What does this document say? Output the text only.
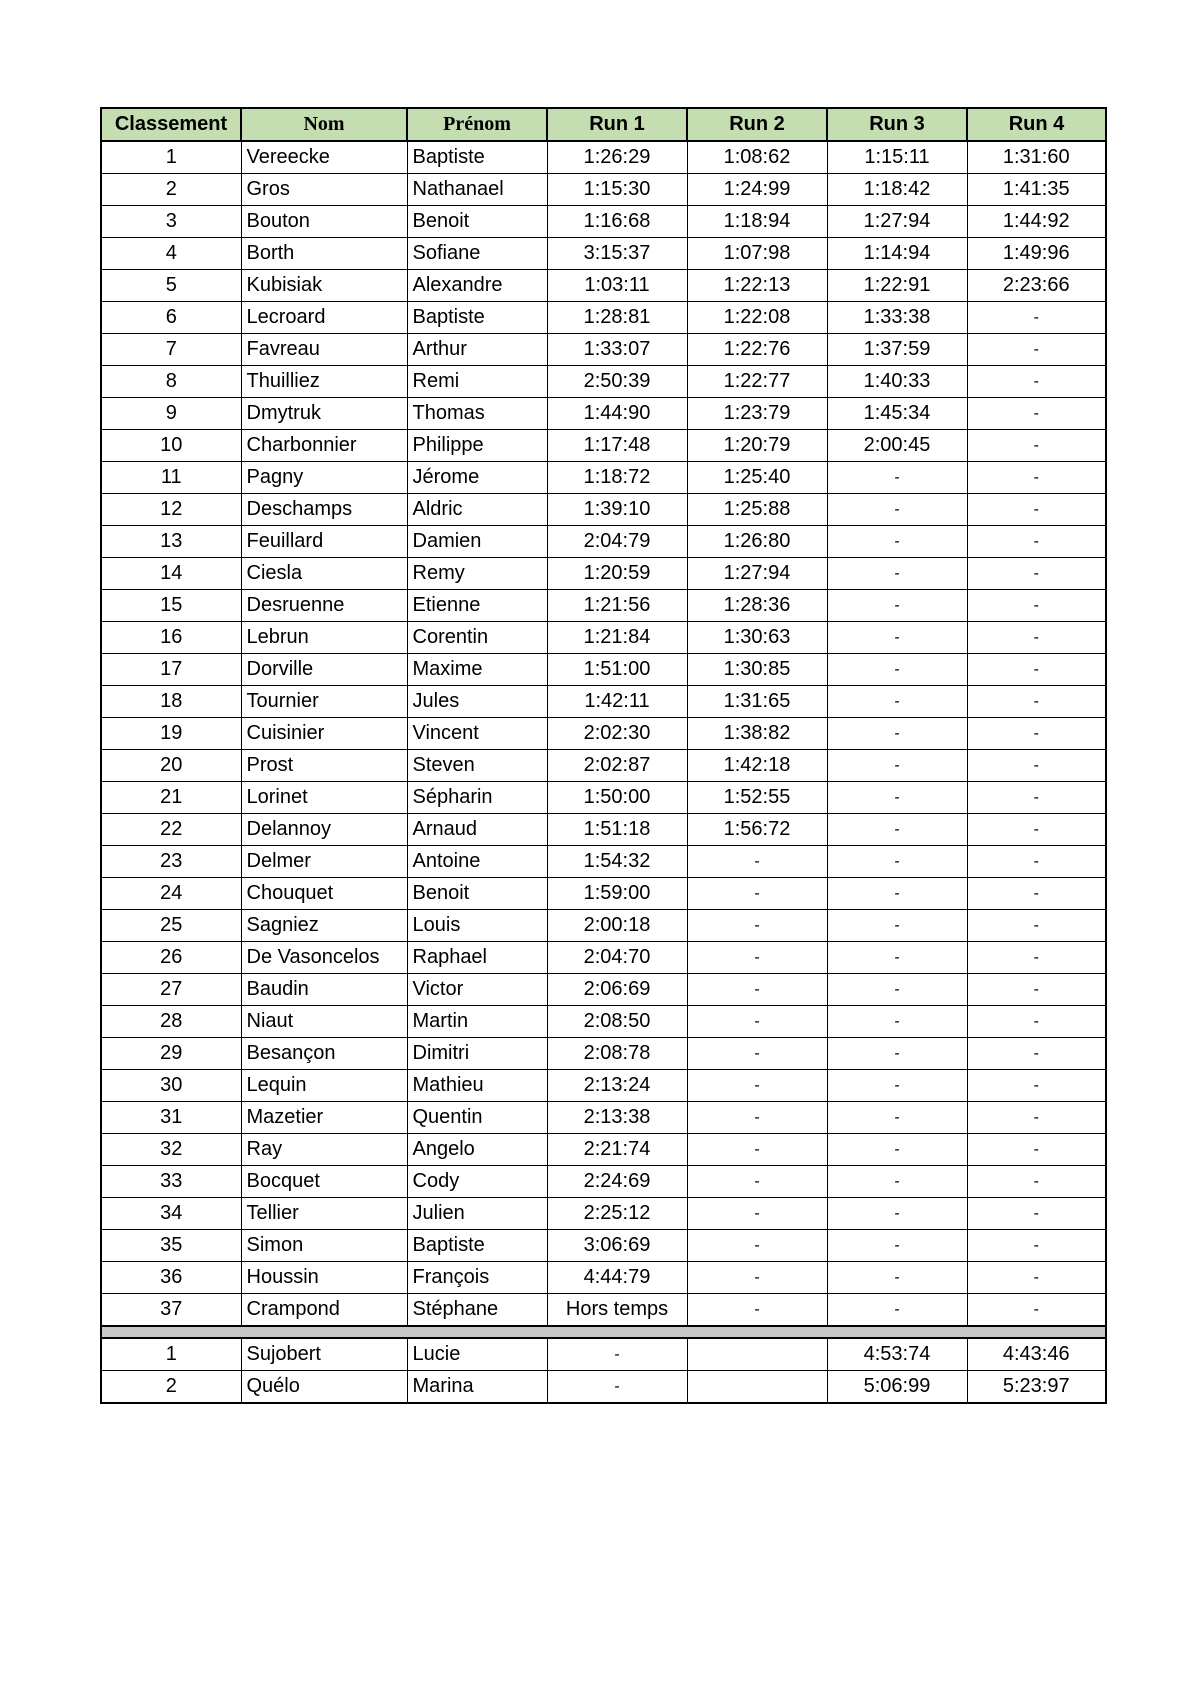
Classement	Nom	Prénom	Run 1	Run 2	Run 3	Run 4
1	Vereecke	Baptiste	1:26:29	1:08:62	1:15:11	1:31:60
2	Gros	Nathanael	1:15:30	1:24:99	1:18:42	1:41:35
3	Bouton	Benoit	1:16:68	1:18:94	1:27:94	1:44:92
4	Borth	Sofiane	3:15:37	1:07:98	1:14:94	1:49:96
5	Kubisiak	Alexandre	1:03:11	1:22:13	1:22:91	2:23:66
6	Lecroard	Baptiste	1:28:81	1:22:08	1:33:38	-
7	Favreau	Arthur	1:33:07	1:22:76	1:37:59	-
8	Thuilliez	Remi	2:50:39	1:22:77	1:40:33	-
9	Dmytruk	Thomas	1:44:90	1:23:79	1:45:34	-
10	Charbonnier	Philippe	1:17:48	1:20:79	2:00:45	-
11	Pagny	Jérome	1:18:72	1:25:40	-	-
12	Deschamps	Aldric	1:39:10	1:25:88	-	-
13	Feuillard	Damien	2:04:79	1:26:80	-	-
14	Ciesla	Remy	1:20:59	1:27:94	-	-
15	Desruenne	Etienne	1:21:56	1:28:36	-	-
16	Lebrun	Corentin	1:21:84	1:30:63	-	-
17	Dorville	Maxime	1:51:00	1:30:85	-	-
18	Tournier	Jules	1:42:11	1:31:65	-	-
19	Cuisinier	Vincent	2:02:30	1:38:82	-	-
20	Prost	Steven	2:02:87	1:42:18	-	-
21	Lorinet	Sépharin	1:50:00	1:52:55	-	-
22	Delannoy	Arnaud	1:51:18	1:56:72	-	-
23	Delmer	Antoine	1:54:32	-	-	-
24	Chouquet	Benoit	1:59:00	-	-	-
25	Sagniez	Louis	2:00:18	-	-	-
26	De Vasoncelos	Raphael	2:04:70	-	-	-
27	Baudin	Victor	2:06:69	-	-	-
28	Niaut	Martin	2:08:50	-	-	-
29	Besançon	Dimitri	2:08:78	-	-	-
30	Lequin	Mathieu	2:13:24	-	-	-
31	Mazetier	Quentin	2:13:38	-	-	-
32	Ray	Angelo	2:21:74	-	-	-
33	Bocquet	Cody	2:24:69	-	-	-
34	Tellier	Julien	2:25:12	-	-	-
35	Simon	Baptiste	3:06:69	-	-	-
36	Houssin	François	4:44:79	-	-	-
37	Crampond	Stéphane	Hors temps	-	-	-

1	Sujobert	Lucie	-		4:53:74	4:43:46
2	Quélo	Marina	-		5:06:99	5:23:97
